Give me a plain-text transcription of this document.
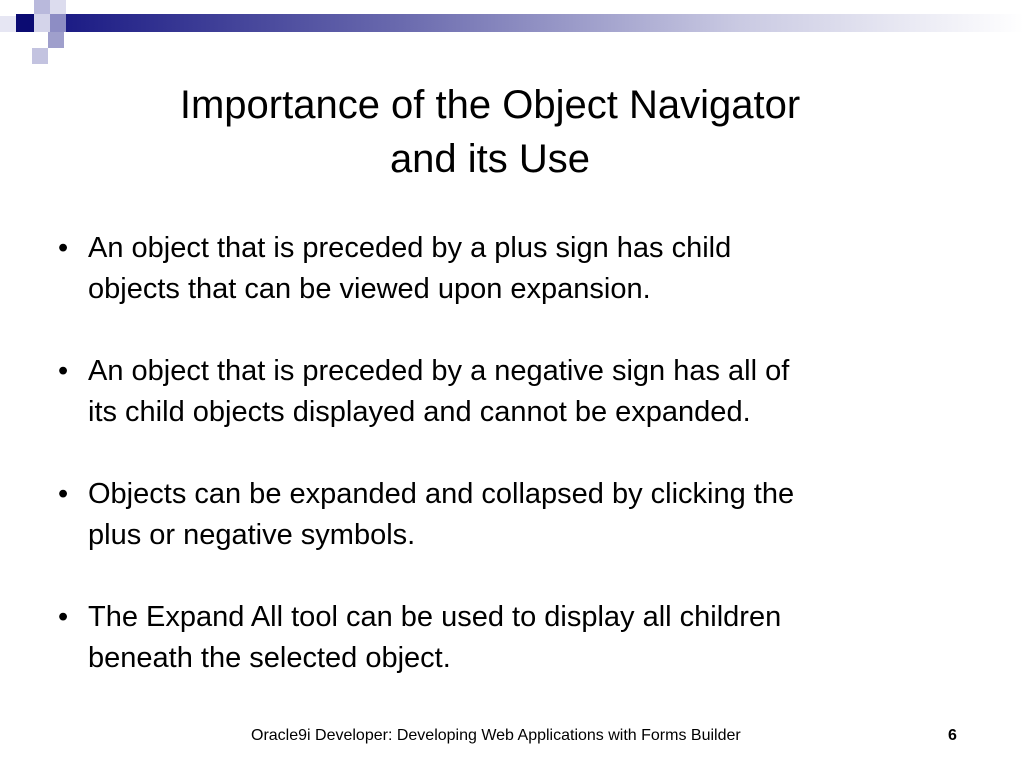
Importance of the Object Navigator
and its Use
• An object that is preceded by a plus sign has child
objects that can be viewed upon expansion.
• An object that is preceded by a negative sign has all of
its child objects displayed and cannot be expanded.
• Objects can be expanded and collapsed by clicking the
plus or negative symbols.
• The Expand All tool can be used to display all children
beneath the selected object.
Oracle9i Developer: Developing Web Applications with Forms Builder	6
